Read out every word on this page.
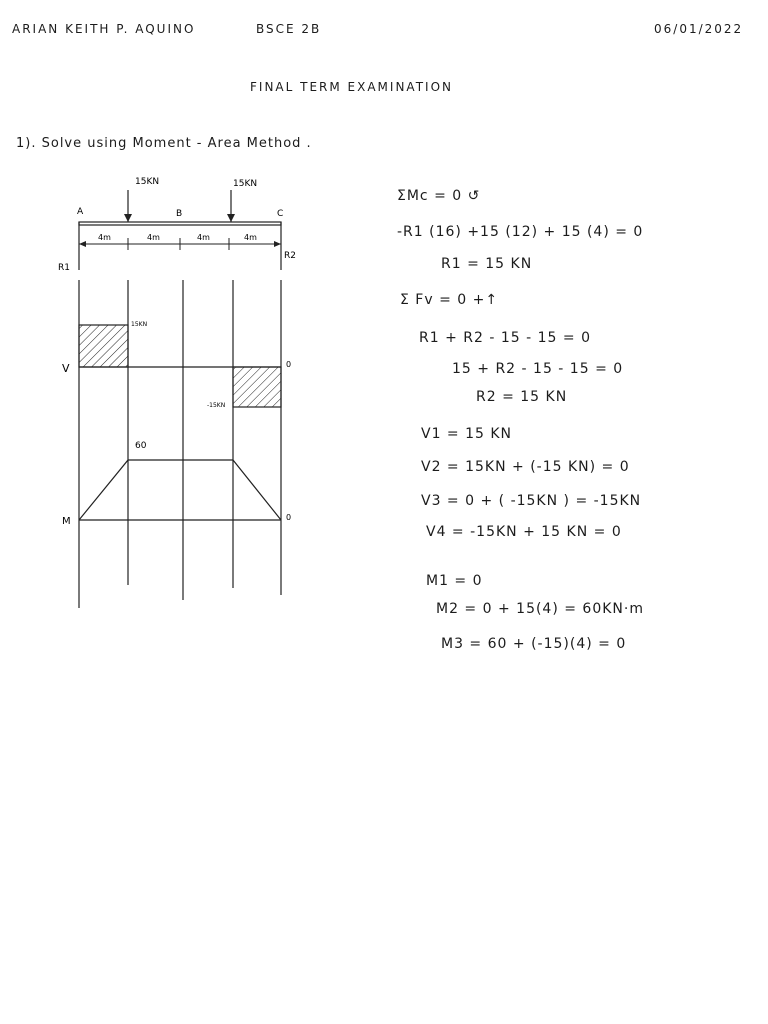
ARIAN KEITH P. AQUINO	BSCE 2B	06/01/2022
FINAL TERM EXAMINATION
1). Solve using Moment - Area Method .
15KN	15KN
A	B	C
4m	4m	4m	4m
R1
R2
V
15KN
-15KN
0
60
M	0
ΣMc = 0 ↺
-R1 (16) +15 (12) + 15 (4) = 0
R1 = 15 KN
Σ Fv = 0 +↑
R1 + R2 - 15 - 15 = 0
15 + R2 - 15 - 15 = 0
R2 = 15 KN
V1 = 15 KN
V2 = 15KN + (-15 KN) = 0
V3 = 0 + ( -15KN ) = -15KN
V4 = -15KN + 15 KN = 0
M1 = 0
M2 = 0 + 15(4) = 60KN·m
M3 = 60 + (-15)(4) = 0
